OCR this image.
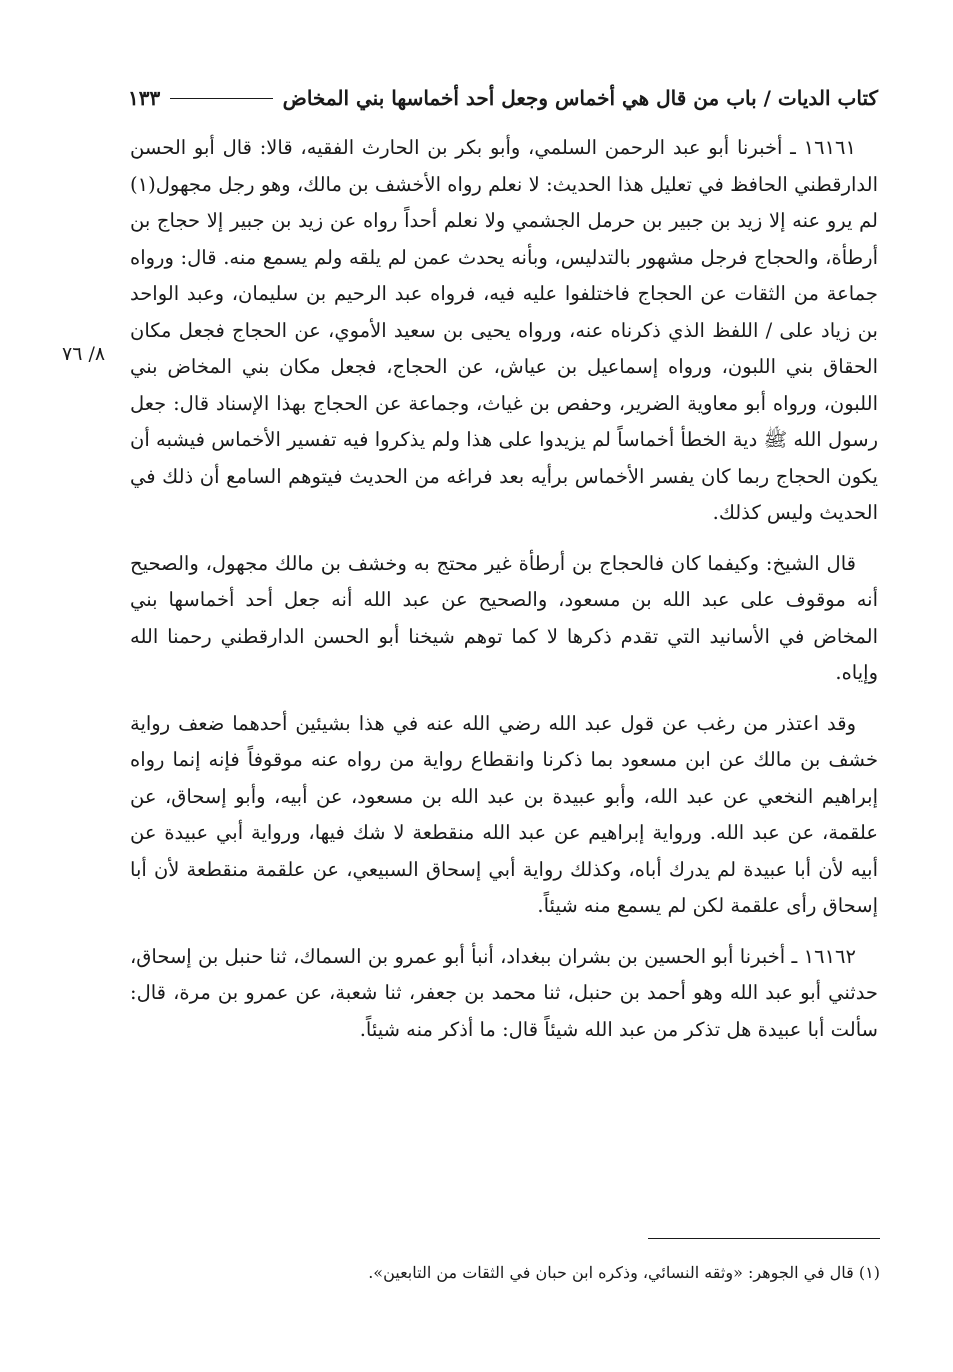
كتاب الديات / باب من قال هي أخماس وجعل أحد أخماسها بني المخاض
١٣٣
٨/ ٧٦

١٦١٦١ ـ أخبرنا أبو عبد الرحمن السلمي، وأبو بكر بن الحارث الفقيه، قالا: قال أبو الحسن الدارقطني الحافظ في تعليل هذا الحديث: لا نعلم رواه الأخشف بن مالك، وهو رجل مجهول(١) لم يرو عنه إلا زيد بن جبير بن حرمل الجشمي ولا نعلم أحداً رواه عن زيد بن جبير إلا حجاج بن أرطأة، والحجاج فرجل مشهور بالتدليس، وبأنه يحدث عمن لم يلقه ولم يسمع منه. قال: ورواه جماعة من الثقات عن الحجاج فاختلفوا عليه فيه، فرواه عبد الرحيم بن سليمان، وعبد الواحد بن زياد على / اللفظ الذي ذكرناه عنه، ورواه يحيى بن سعيد الأموي، عن الحجاج فجعل مكان الحقاق بني اللبون، ورواه إسماعيل بن عياش، عن الحجاج، فجعل مكان بني المخاض بني اللبون، ورواه أبو معاوية الضرير، وحفص بن غياث، وجماعة عن الحجاج بهذا الإسناد قال: جعل رسول الله ﷺ دية الخطأ أخماساً لم يزيدوا على هذا ولم يذكروا فيه تفسير الأخماس فيشبه أن يكون الحجاج ربما كان يفسر الأخماس برأيه بعد فراغه من الحديث فيتوهم السامع أن ذلك في الحديث وليس كذلك.

قال الشيخ: وكيفما كان فالحجاج بن أرطأة غير محتج به وخشف بن مالك مجهول، والصحيح أنه موقوف على عبد الله بن مسعود، والصحيح عن عبد الله أنه جعل أحد أخماسها بني المخاض في الأسانيد التي تقدم ذكرها لا كما توهم شيخنا أبو الحسن الدارقطني رحمنا الله وإياه.

وقد اعتذر من رغب عن قول عبد الله رضي الله عنه في هذا بشيئين أحدهما ضعف رواية خشف بن مالك عن ابن مسعود بما ذكرنا وانقطاع رواية من رواه عنه موقوفاً فإنه إنما رواه إبراهيم النخعي عن عبد الله، وأبو عبيدة بن عبد الله بن مسعود، عن أبيه، وأبو إسحاق، عن علقمة، عن عبد الله. ورواية إبراهيم عن عبد الله منقطعة لا شك فيها، ورواية أبي عبيدة عن أبيه لأن أبا عبيدة لم يدرك أباه، وكذلك رواية أبي إسحاق السبيعي، عن علقمة منقطعة لأن أبا إسحاق رأى علقمة لكن لم يسمع منه شيئاً.

١٦١٦٢ ـ أخبرنا أبو الحسين بن بشران ببغداد، أنبأ أبو عمرو بن السماك، ثنا حنبل بن إسحاق، حدثني أبو عبد الله وهو أحمد بن حنبل، ثنا محمد بن جعفر، ثنا شعبة، عن عمرو بن مرة، قال: سألت أبا عبيدة هل تذكر من عبد الله شيئاً قال: ما أذكر منه شيئاً.

(١) قال في الجوهر: «وثقه النسائي، وذكره ابن حبان في الثقات من التابعين».
